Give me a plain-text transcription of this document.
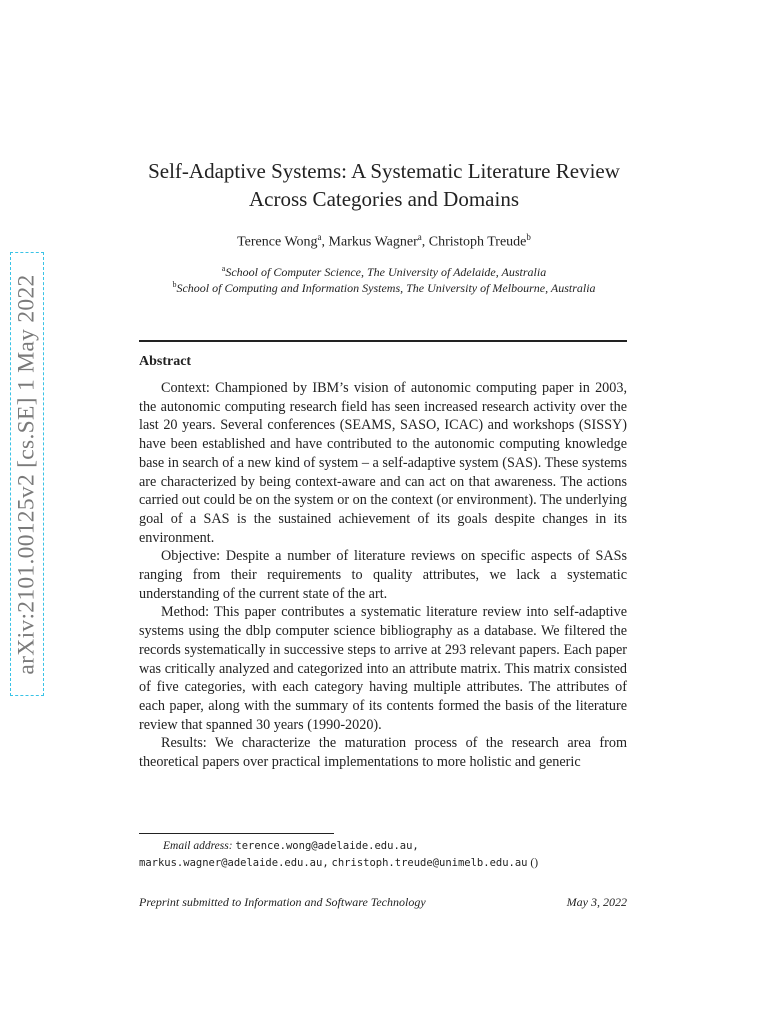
arXiv:2101.00125v2 [cs.SE] 1 May 2022
Self-Adaptive Systems: A Systematic Literature Review
Across Categories and Domains
Terence Wong$^a$, Markus Wagner$^a$, Christoph Treude$^b$
$^a$School of Computer Science, The University of Adelaide, Australia
$^b$School of Computing and Information Systems, The University of Melbourne, Australia
Abstract

Context: Championed by IBM’s vision of autonomic computing paper in 2003, the autonomic computing research field has seen increased research activity over the last 20 years. Several conferences (SEAMS, SASO, ICAC) and workshops (SISSY) have been established and have contributed to the autonomic computing knowledge base in search of a new kind of system – a self-adaptive system (SAS). These systems are characterized by being context-aware and can act on that awareness. The actions carried out could be on the system or on the context (or environment). The underlying goal of a SAS is the sustained achievement of its goals despite changes in its environment.

Objective: Despite a number of literature reviews on specific aspects of SASs ranging from their requirements to quality attributes, we lack a systematic understanding of the current state of the art.

Method: This paper contributes a systematic literature review into self-adaptive systems using the dblp computer science bibliography as a database. We filtered the records systematically in successive steps to arrive at 293 relevant papers. Each paper was critically analyzed and categorized into an attribute matrix. This matrix consisted of five categories, with each category having multiple attributes. The attributes of each paper, along with the summary of its contents formed the basis of the literature review that spanned 30 years (1990-2020).

Results: We characterize the maturation process of the research area from theoretical papers over practical implementations to more holistic and generic

Email address: terence.wong@adelaide.edu.au,
markus.wagner@adelaide.edu.au, christoph.treude@unimelb.edu.au ()
Preprint submitted to Information and Software Technology	May 3, 2022
